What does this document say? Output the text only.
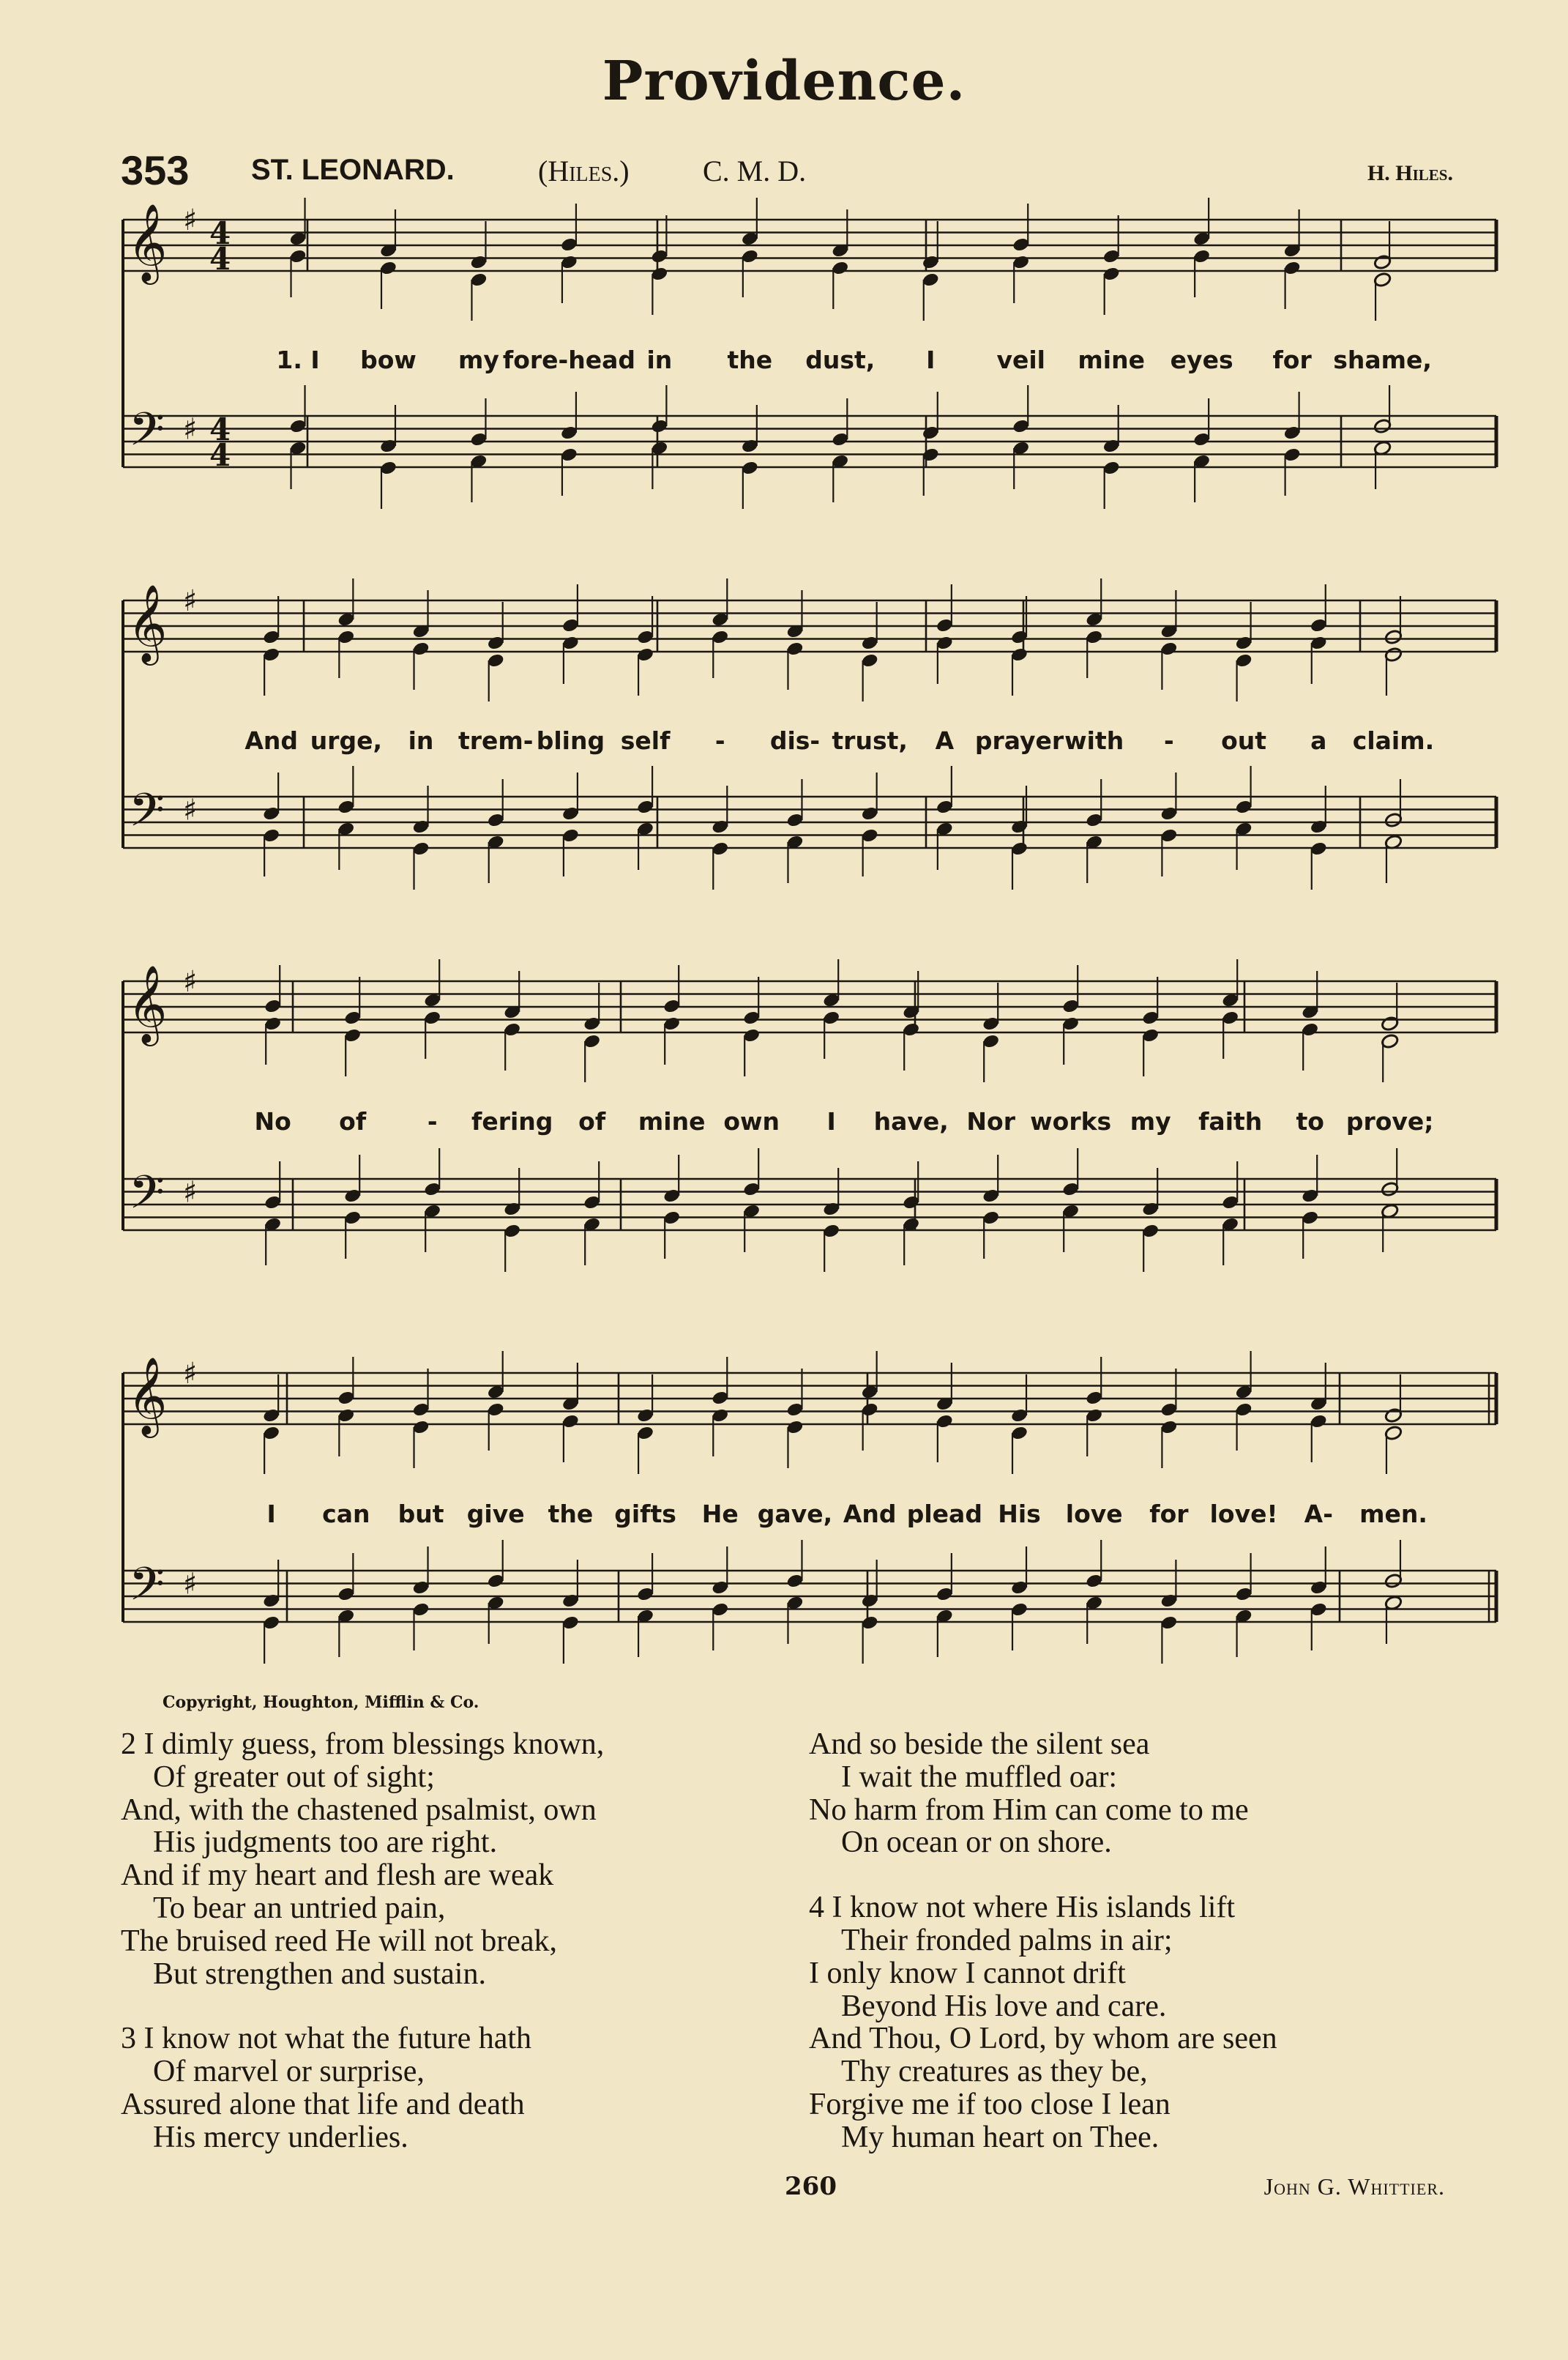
Providence.
353 ST. LEONARD.	(Hiles.)	C. M. D.	H. Hiles.
𝄞
𝄢
♯
♯
4
4
4
4
𝄞
𝄢
♯
♯
𝄞
𝄢
♯
♯
𝄞
𝄢
♯
♯
1. I bow my fore-head in the dust, I	veil mine eyes for shame,
And urge, in trem- bling self - dis- trust, A prayer with - out a claim.
No of	- fering of mine own I have, Nor works my faith to prove;
I can but give the gifts He gave, And plead His love for love! A- men.
Copyright, Houghton, Mifflin & Co.
2 I dimly guess, from blessings known,
Of greater out of sight;
And, with the chastened psalmist, own
His judgments too are right.
And if my heart and flesh are weak
To bear an untried pain,
The bruised reed He will not break,
But strengthen and sustain.
3 I know not what the future hath
Of marvel or surprise,
Assured alone that life and death
His mercy underlies.
And so beside the silent sea
I wait the muffled oar:
No harm from Him can come to me
On ocean or on shore.
4 I know not where His islands lift
Their fronded palms in air;
I only know I cannot drift
Beyond His love and care.
And Thou, O Lord, by whom are seen
Thy creatures as they be,
Forgive me if too close I lean
My human heart on Thee.
260	John G. Whittier.
